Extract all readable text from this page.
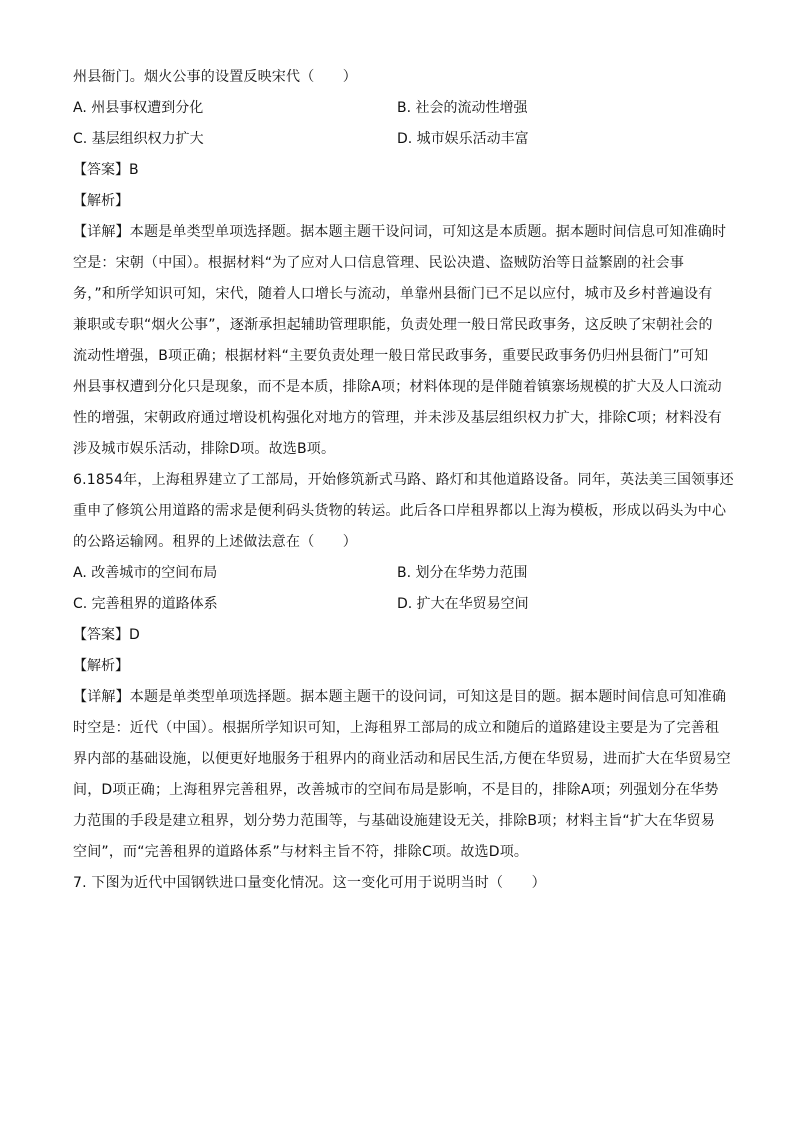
州县衙门。烟火公事的设置反映宋代（　　）
A. 州县事权遭到分化	B. 社会的流动性增强
C. 基层组织权力扩大	D. 城市娱乐活动丰富
【答案】B
【解析】
【详解】本题是单类型单项选择题。据本题主题干设问词，可知这是本质题。据本题时间信息可知准确时
空是：宋朝（中国）。根据材料“为了应对人口信息管理、民讼决遣、盗贼防治等日益繁剧的社会事
务，”和所学知识可知，宋代，随着人口增长与流动，单靠州县衙门已不足以应付，城市及乡村普遍设有
兼职或专职“烟火公事”，逐渐承担起辅助管理职能，负责处理一般日常民政事务，这反映了宋朝社会的
流动性增强，B项正确；根据材料“主要负责处理一般日常民政事务，重要民政事务仍归州县衙门”可知
州县事权遭到分化只是现象，而不是本质，排除A项；材料体现的是伴随着镇寨场规模的扩大及人口流动
性的增强，宋朝政府通过增设机构强化对地方的管理，并未涉及基层组织权力扩大，排除C项；材料没有
涉及城市娱乐活动，排除D项。故选B项。
6.1854年，上海租界建立了工部局，开始修筑新式马路、路灯和其他道路设备。同年，英法美三国领事还
重申了修筑公用道路的需求是便利码头货物的转运。此后各口岸租界都以上海为模板，形成以码头为中心
的公路运输网。租界的上述做法意在（　　）
A. 改善城市的空间布局	B. 划分在华势力范围
C. 完善租界的道路体系	D. 扩大在华贸易空间
【答案】D
【解析】
【详解】本题是单类型单项选择题。据本题主题干的设问词，可知这是目的题。据本题时间信息可知准确
时空是：近代（中国）。根据所学知识可知，上海租界工部局的成立和随后的道路建设主要是为了完善租
界内部的基础设施，以便更好地服务于租界内的商业活动和居民生活,方便在华贸易，进而扩大在华贸易空
间，D项正确；上海租界完善租界，改善城市的空间布局是影响，不是目的，排除A项；列强划分在华势
力范围的手段是建立租界，划分势力范围等，与基础设施建设无关，排除B项；材料主旨“扩大在华贸易
空间”，而“完善租界的道路体系”与材料主旨不符，排除C项。故选D项。
7. 下图为近代中国钢铁进口量变化情况。这一变化可用于说明当时（　　）
